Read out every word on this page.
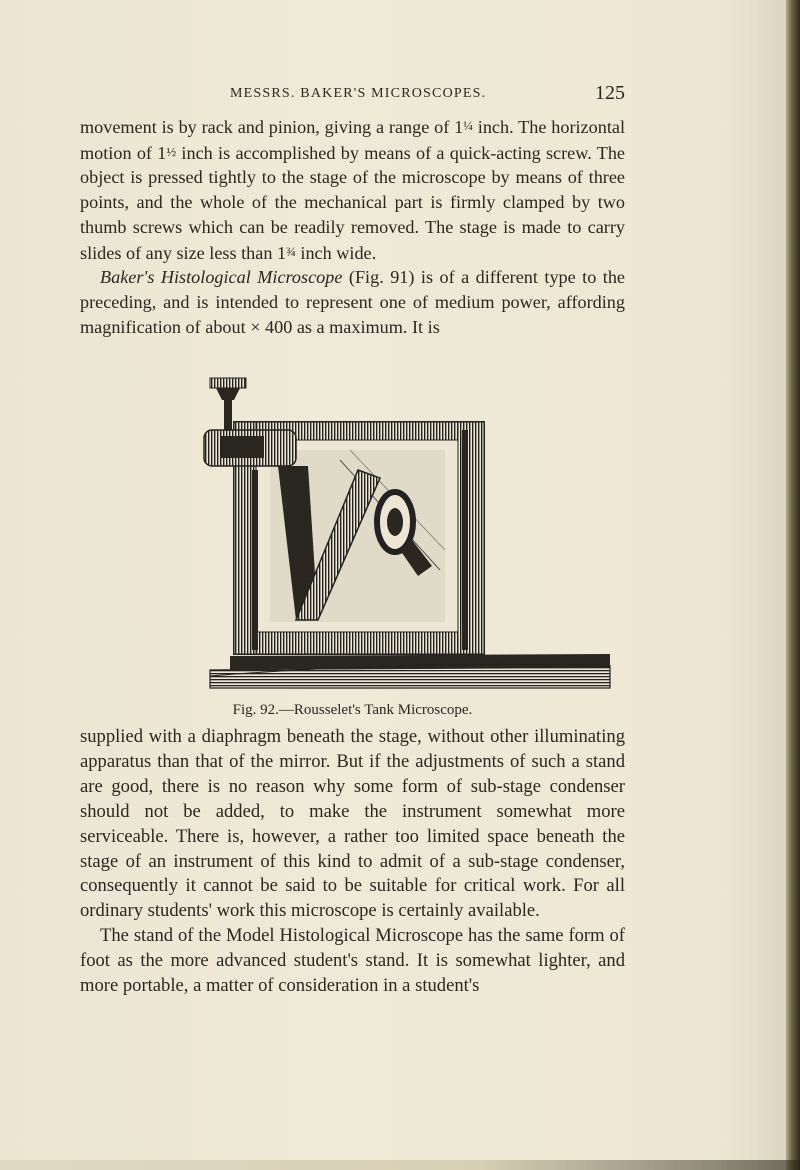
MESSRS. BAKER'S MICROSCOPES.	125

movement is by rack and pinion, giving a range of 1¼ inch. The horizontal motion of 1½ inch is accomplished by means of a quick-acting screw. The object is pressed tightly to the stage of the microscope by means of three points, and the whole of the mechanical part is firmly clamped by two thumb screws which can be readily removed. The stage is made to carry slides of any size less than 1¾ inch wide.

Baker's Histological Microscope (Fig. 91) is of a different type to the preceding, and is intended to represent one of medium power, affording magnification of about × 400 as a maximum. It is

Fig. 92.—Rousselet's Tank Microscope.

supplied with a diaphragm beneath the stage, without other illuminating apparatus than that of the mirror. But if the adjustments of such a stand are good, there is no reason why some form of sub-stage condenser should not be added, to make the instrument somewhat more serviceable. There is, however, a rather too limited space beneath the stage of an instrument of this kind to admit of a sub-stage condenser, consequently it cannot be said to be suitable for critical work. For all ordinary students' work this microscope is certainly available.

The stand of the Model Histological Microscope has the same form of foot as the more advanced student's stand. It is somewhat lighter, and more portable, a matter of consideration in a student's
